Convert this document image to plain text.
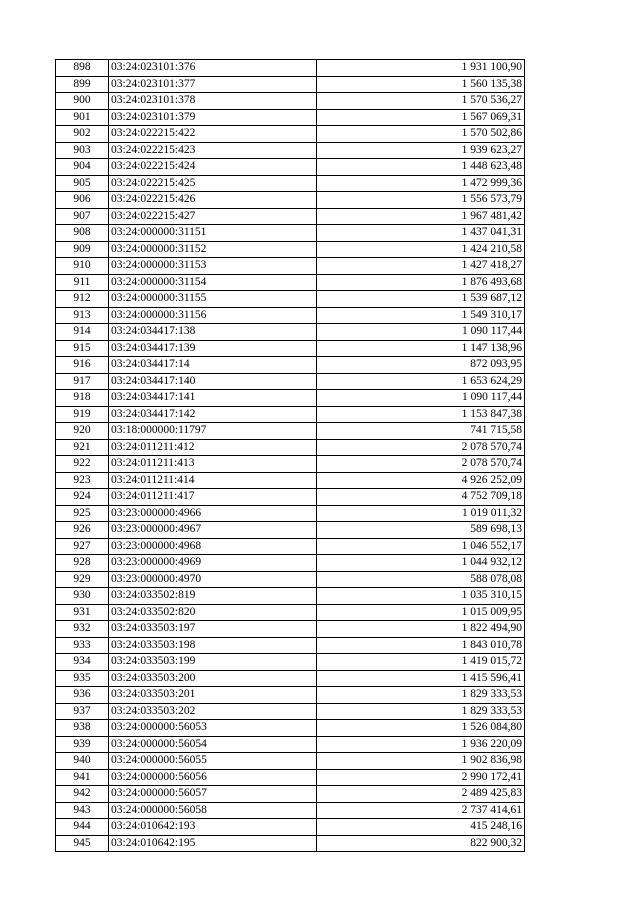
898	03:24:023101:376	1 931 100,90
899	03:24:023101:377	1 560 135,38
900	03:24:023101:378	1 570 536,27
901	03:24:023101:379	1 567 069,31
902	03:24:022215:422	1 570 502,86
903	03:24:022215:423	1 939 623,27
904	03:24:022215:424	1 448 623,48
905	03:24:022215:425	1 472 999,36
906	03:24:022215:426	1 556 573,79
907	03:24:022215:427	1 967 481,42
908	03:24:000000:31151	1 437 041,31
909	03:24:000000:31152	1 424 210,58
910	03:24:000000:31153	1 427 418,27
911	03:24:000000:31154	1 876 493,68
912	03:24:000000:31155	1 539 687,12
913	03:24:000000:31156	1 549 310,17
914	03:24:034417:138	1 090 117,44
915	03:24:034417:139	1 147 138,96
916	03:24:034417:14	872 093,95
917	03:24:034417:140	1 653 624,29
918	03:24:034417:141	1 090 117,44
919	03:24:034417:142	1 153 847,38
920	03:18:000000:11797	741 715,58
921	03:24:011211:412	2 078 570,74
922	03:24:011211:413	2 078 570,74
923	03:24:011211:414	4 926 252,09
924	03:24:011211:417	4 752 709,18
925	03:23:000000:4966	1 019 011,32
926	03:23:000000:4967	589 698,13
927	03:23:000000:4968	1 046 552,17
928	03:23:000000:4969	1 044 932,12
929	03:23:000000:4970	588 078,08
930	03:24:033502:819	1 035 310,15
931	03:24:033502:820	1 015 009,95
932	03:24:033503:197	1 822 494,90
933	03:24:033503:198	1 843 010,78
934	03:24:033503:199	1 419 015,72
935	03:24:033503:200	1 415 596,41
936	03:24:033503:201	1 829 333,53
937	03:24:033503:202	1 829 333,53
938	03:24:000000:56053	1 526 084,80
939	03:24:000000:56054	1 936 220,09
940	03:24:000000:56055	1 902 836,98
941	03:24:000000:56056	2 990 172,41
942	03:24:000000:56057	2 489 425,83
943	03:24:000000:56058	2 737 414,61
944	03:24:010642:193	415 248,16
945	03:24:010642:195	822 900,32
